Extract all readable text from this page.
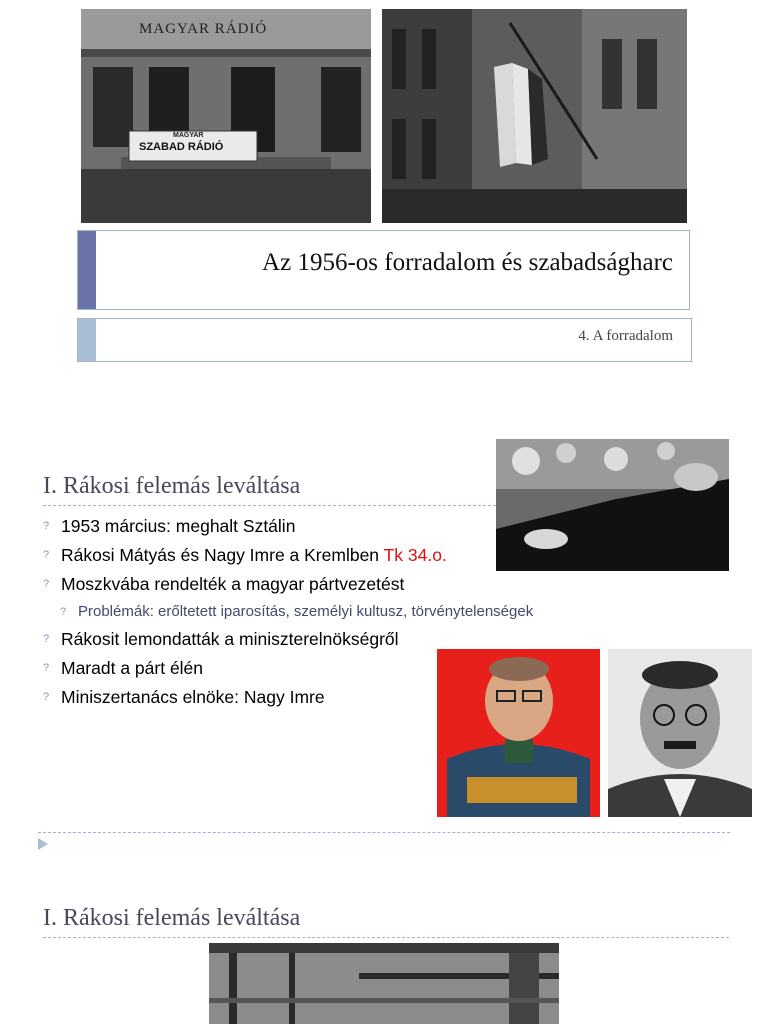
MAGYAR RÁDIÓ
MAGYAR
SZABAD RÁDIÓ
Az 1956-os forradalom és szabadságharc
4. A forradalom
I. Rákosi felemás leváltása
? 1953 március: meghalt Sztálin
? Rákosi Mátyás és Nagy Imre a Kremlben Tk 34.o.
? Moszkvába rendelték a magyar pártvezetést
? Problémák: erőltetett iparosítás, személyi kultusz, törvénytelenségek
? Rákosit lemondatták a miniszterelnökségről
? Maradt a párt élén
? Miniszertanács elnöke: Nagy Imre
I. Rákosi felemás leváltása
